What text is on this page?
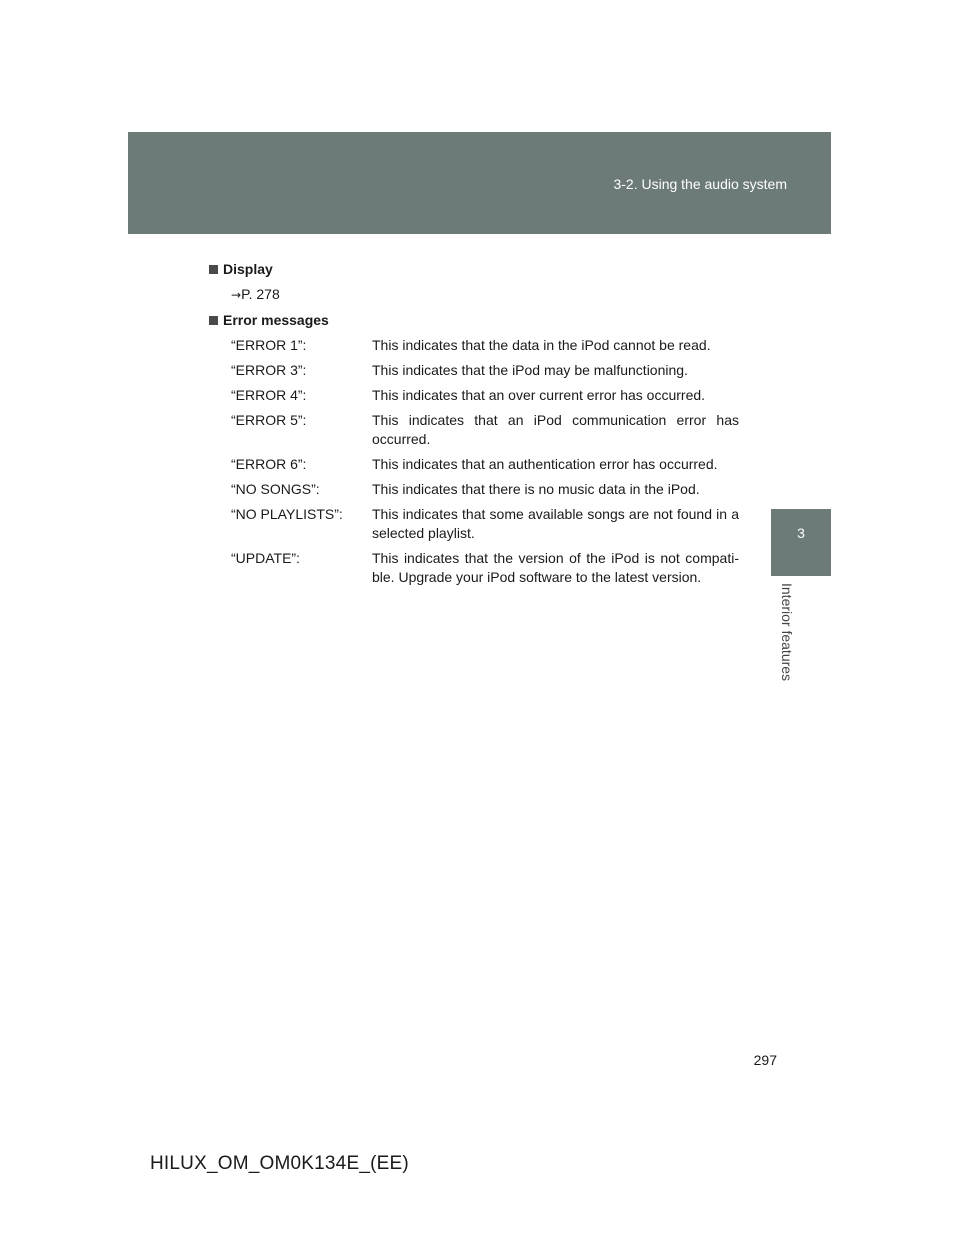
3-2. Using the audio system
3
Interior features
Display
→P. 278
Error messages
“ERROR 1”:	This indicates that the data in the iPod cannot be read.
“ERROR 3”:	This indicates that the iPod may be malfunctioning.
“ERROR 4”:	This indicates that an over current error has occurred.
“ERROR 5”:	This indicates that an iPod communication error has occurred.
“ERROR 6”:	This indicates that an authentication error has occurred.
“NO SONGS”:	This indicates that there is no music data in the iPod.
“NO PLAYLISTS”:	This indicates that some available songs are not found in a selected playlist.
“UPDATE”:	This indicates that the version of the iPod is not compati-ble. Upgrade your iPod software to the latest version.
297
HILUX_OM_OM0K134E_(EE)
